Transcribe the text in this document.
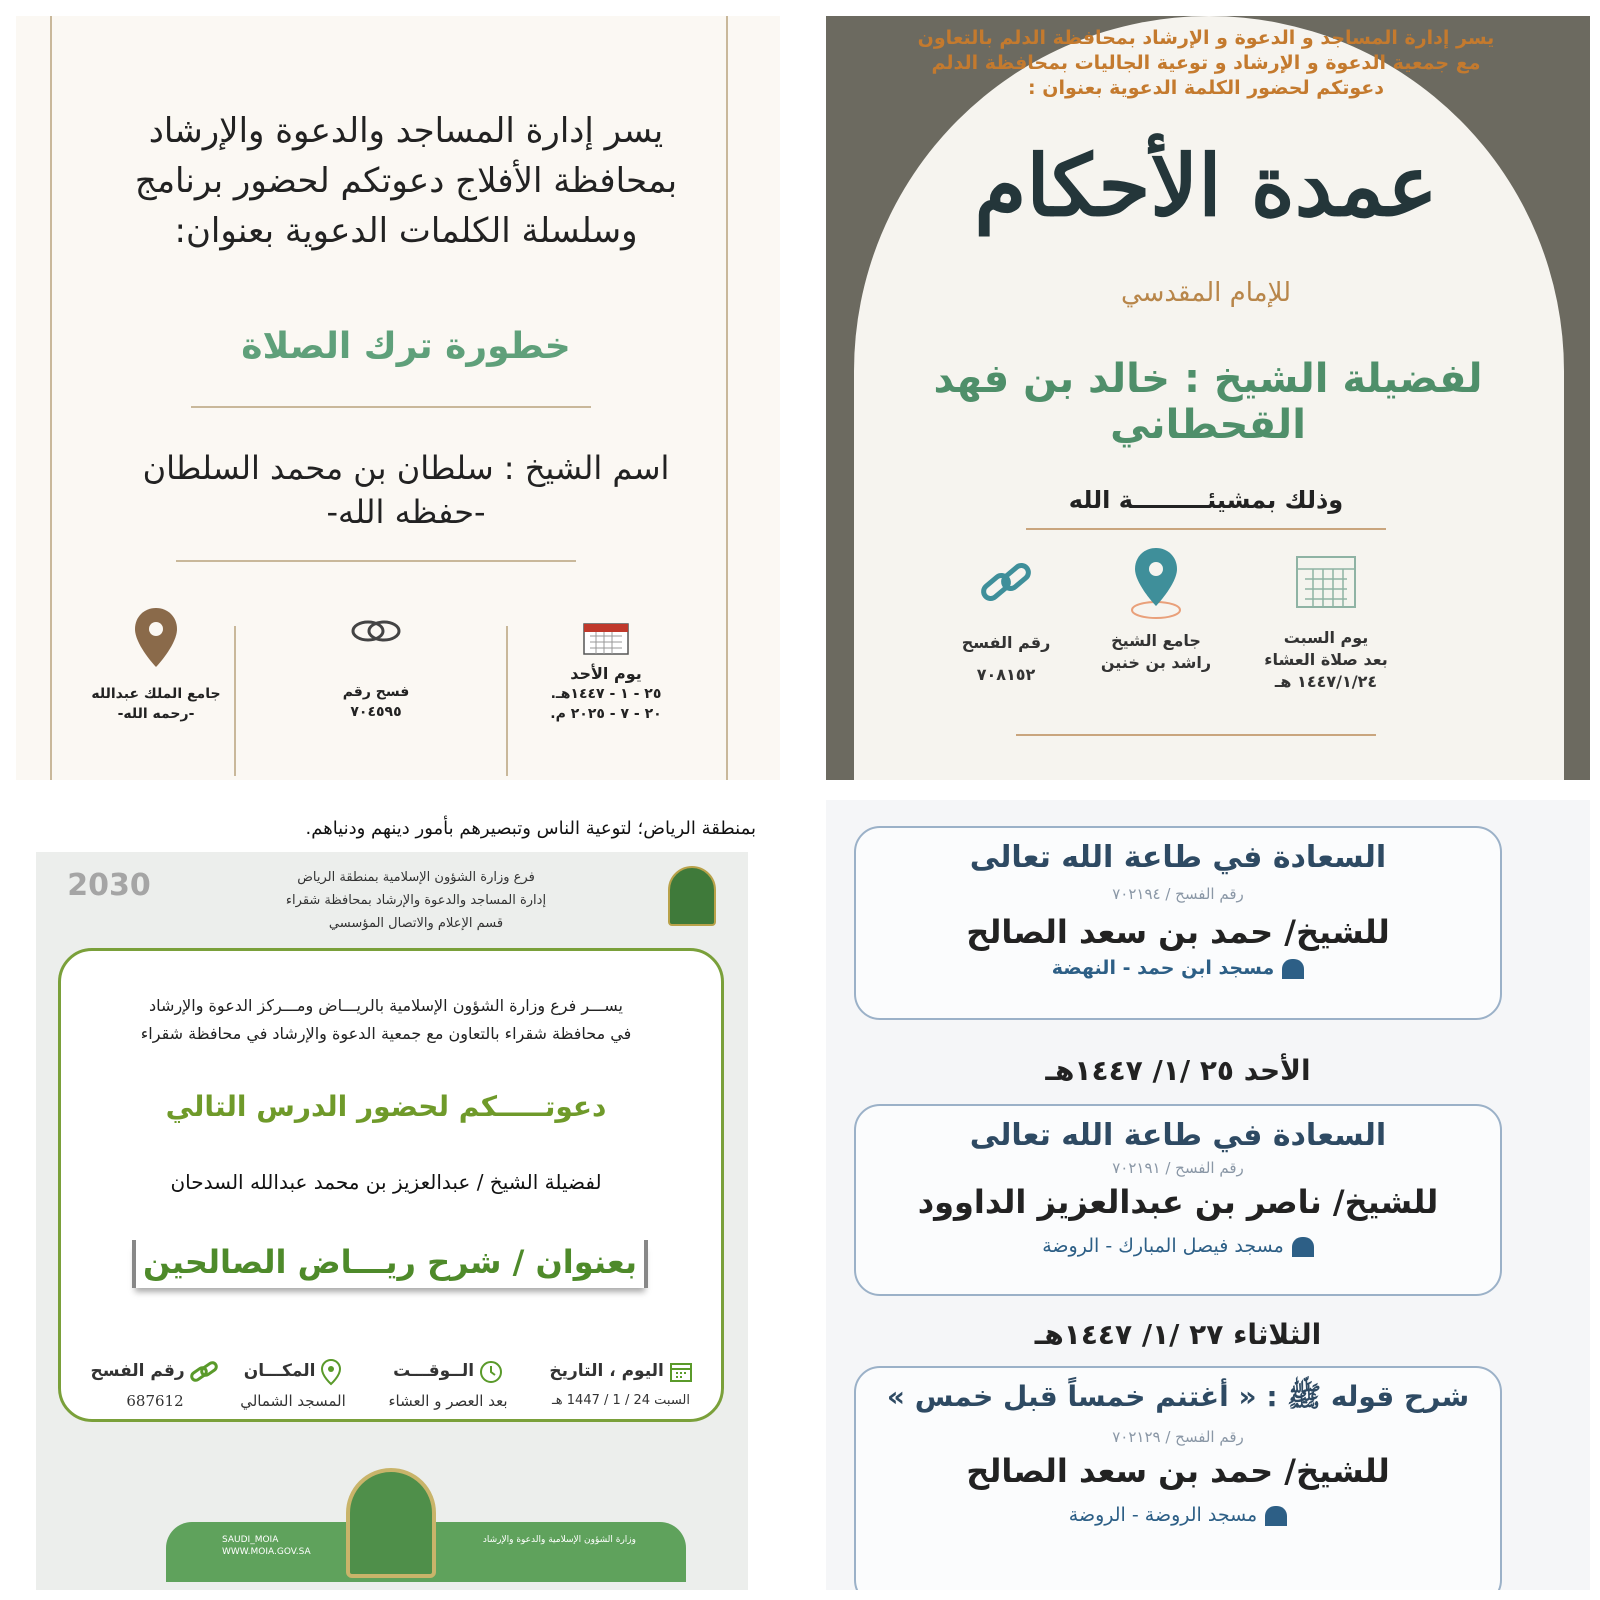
يسر إدارة المساجد والدعوة والإرشاد
بمحافظة الأفلاج دعوتكم لحضور برنامج
وسلسلة الكلمات الدعوية بعنوان:
خطورة ترك الصلاة
اسم الشيخ : سلطان بن محمد السلطان
-حفظه الله-
يوم الأحد
٢٥ - ١ - ١٤٤٧هـ.
٢٠ - ٧ - ٢٠٢٥ م.
فسح رقم
٧٠٤٥٩٥
جامع الملك عبدالله
-رحمه الله-
يسر إدارة المساجد و الدعوة و الإرشاد بمحافظة الدلم بالتعاون
مع جمعية الدعوة و الإرشاد و توعية الجاليات بمحافظة الدلم
دعوتكم لحضور الكلمة الدعوية بعنوان :
عمدة الأحكام
للإمام المقدسي
لفضيلة الشيخ : خالد بن فهد القحطاني
وذلك بمشيئـــــــــة الله
يوم السبت
بعد صلاة العشاء
١٤٤٧/١/٢٤ هـ
جامع الشيخ
راشد بن خنين
رقم الفسح
٧٠٨١٥٢
بمنطقة الرياض؛ لتوعية الناس وتبصيرهم بأمور دينهم ودنياهم.
فرع وزارة الشؤون الإسلامية بمنطقة الرياض
إدارة المساجد والدعوة والإرشاد بمحافظة شقراء
قسم الإعلام والاتصال المؤسسي
2030
يســـر فرع وزارة الشؤون الإسلامية بالريـــاض ومـــركز الدعوة والإرشاد
في محافظة شقراء بالتعاون مع جمعية الدعوة والإرشاد في محافظة شقراء
دعوتـــــكم لحضور الدرس التالي
لفضيلة الشيخ / عبدالعزيز بن محمد عبدالله السدحان
بعنوان / شرح ريـــاض الصالحين
اليوم ، التاريخ
السبت 24 / 1 / 1447 هـ
الــوقـــت
بعد العصر و العشاء
المكـــان
المسجد الشمالي
رقم الفسح
687612
SAUDI_MOIA
WWW.MOIA.GOV.SA
وزارة الشؤون الإسلامية والدعوة والإرشاد
السعادة في طاعة الله تعالى
رقم الفسح / ٧٠٢١٩٤
للشيخ/ حمد بن سعد الصالح
مسجد ابن حمد - النهضة
الأحد ٢٥ /١/ ١٤٤٧هـ
السعادة في طاعة الله تعالى
رقم الفسح / ٧٠٢١٩١
للشيخ/ ناصر بن عبدالعزيز الداوود
مسجد فيصل المبارك - الروضة
الثلاثاء ٢٧ /١/ ١٤٤٧هـ
شرح قوله ﷺ : « أغتنم خمساً قبل خمس »
رقم الفسح / ٧٠٢١٢٩
للشيخ/ حمد بن سعد الصالح
مسجد الروضة - الروضة
